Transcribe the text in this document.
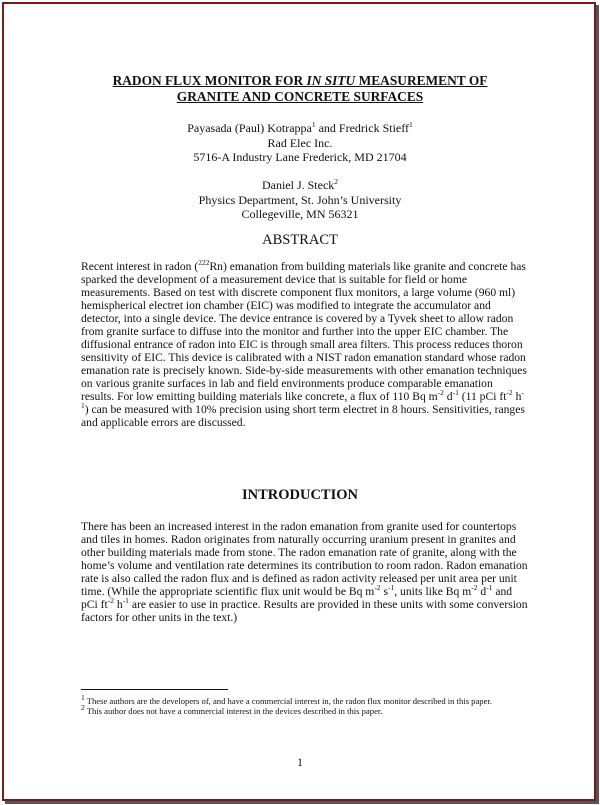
RADON FLUX MONITOR FOR IN SITU MEASUREMENT OF
GRANITE AND CONCRETE SURFACES
Payasada (Paul) Kotrappa$^1$ and Fredrick Stieff$^1$
Rad Elec Inc.
5716-A Industry Lane Frederick, MD 21704
Daniel J. Steck$^2$
Physics Department, St. John’s University
Collegeville, MN 56321
ABSTRACT
Recent interest in radon ($^{222}$Rn) emanation from building materials like granite and concrete has sparked the development of a measurement device that is suitable for field or home measurements. Based on test with discrete component flux monitors, a large volume (960 ml) hemispherical electret ion chamber (EIC) was modified to integrate the accumulator and detector, into a single device. The device entrance is covered by a Tyvek sheet to allow radon from granite surface to diffuse into the monitor and further into the upper EIC chamber. The diffusional entrance of radon into EIC is through small area filters. This process reduces thoron sensitivity of EIC. This device is calibrated with a NIST radon emanation standard whose radon emanation rate is precisely known. Side-by-side measurements with other emanation techniques on various granite surfaces in lab and field environments produce comparable emanation results. For low emitting building materials like concrete, a flux of 110 Bq $m^{-2}$ $d^{-1}$ (11 pCi $ft^{-2}$ $h^{-1}$) can be measured with 10% precision using short term electret in 8 hours. Sensitivities, ranges and applicable errors are discussed.
INTRODUCTION
There has been an increased interest in the radon emanation from granite used for countertops and tiles in homes. Radon originates from naturally occurring uranium present in granites and other building materials made from stone. The radon emanation rate of granite, along with the home’s volume and ventilation rate determines its contribution to room radon. Radon emanation rate is also called the radon flux and is defined as radon activity released per unit area per unit time. (While the appropriate scientific flux unit would be Bq $m^{-2}$ $s^{-1}$, units like Bq $m^{-2}$ $d^{-1}$ and pCi $ft^{-2}$ $h^{-1}$ are easier to use in practice. Results are provided in these units with some conversion factors for other units in the text.)
$^1$ These authors are the developers of, and have a commercial interest in, the radon flux monitor described in this paper.
$^2$ This author does not have a commercial interest in the devices described in this paper.
1
